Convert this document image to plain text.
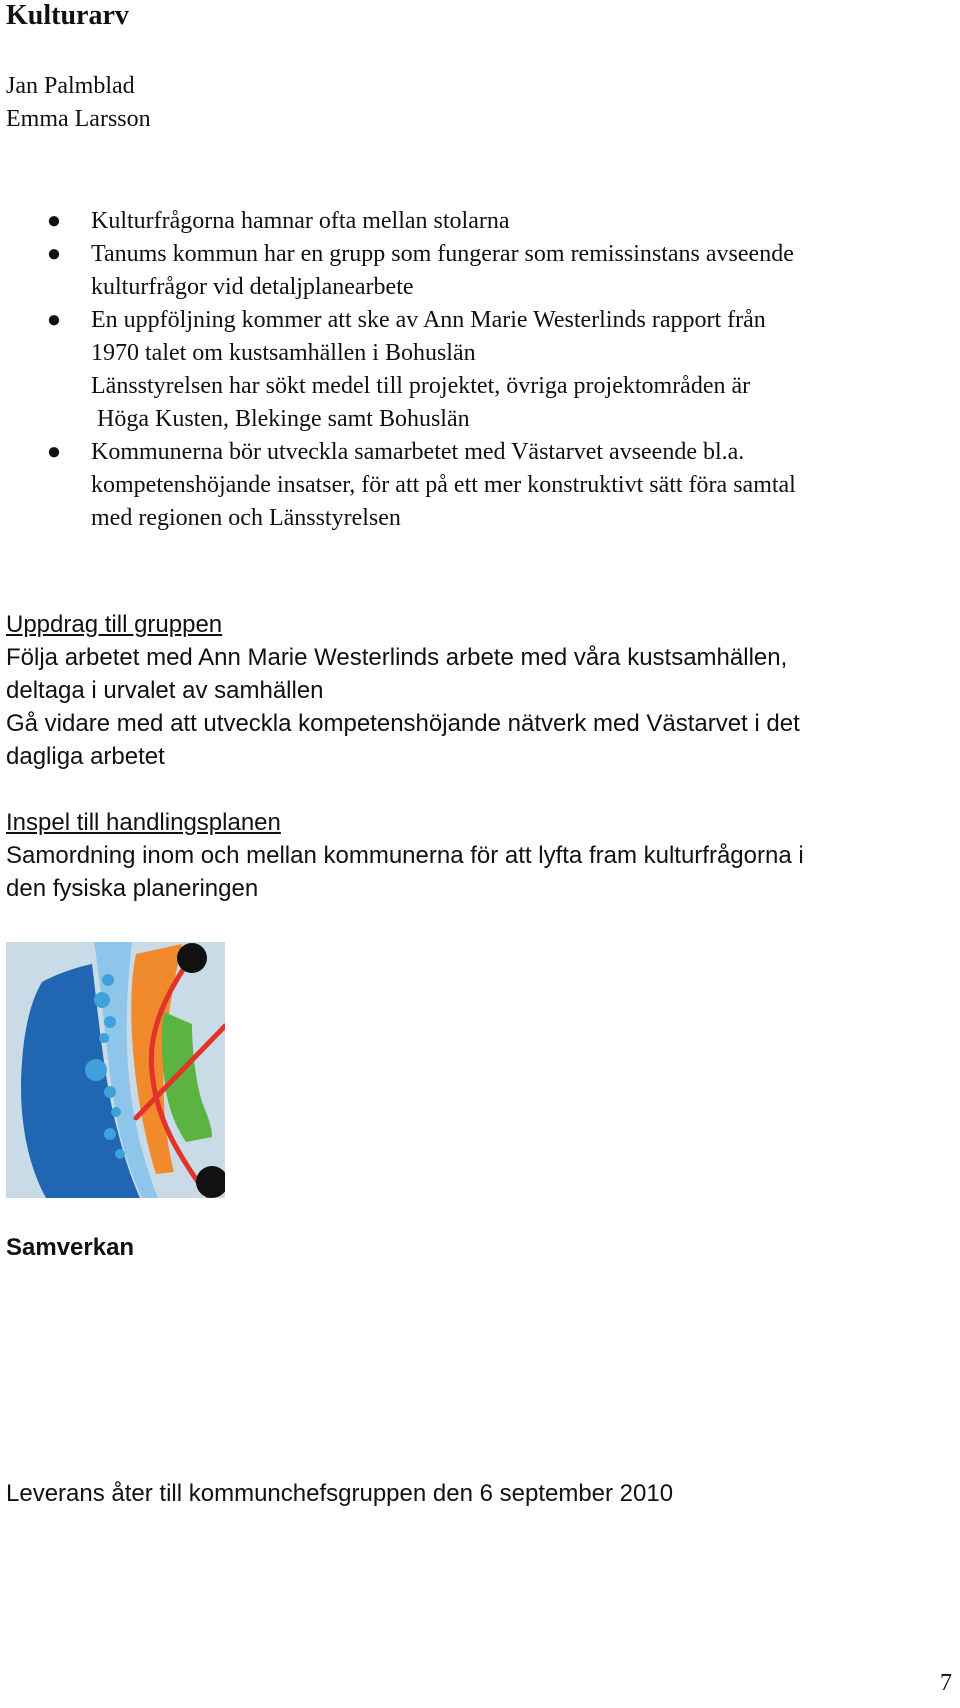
Kulturarv
Jan Palmblad
Emma Larsson
● Kulturfrågorna hamnar ofta mellan stolarna
● Tanums kommun har en grupp som fungerar som remissinstans avseende
kulturfrågor vid detaljplanearbete
● En uppföljning kommer att ske av Ann Marie Westerlinds rapport från
1970 talet om kustsamhällen i Bohuslän
Länsstyrelsen har sökt medel till projektet, övriga projektområden är
Höga Kusten, Blekinge samt Bohuslän
● Kommunerna bör utveckla samarbetet med Västarvet avseende bl.a.
kompetenshöjande insatser, för att på ett mer konstruktivt sätt föra samtal
med regionen och Länsstyrelsen
Uppdrag till gruppen
Följa arbetet med Ann Marie Westerlinds arbete med våra kustsamhällen,
deltaga i urvalet av samhällen
Gå vidare med att utveckla kompetenshöjande nätverk med Västarvet i det
dagliga arbetet
Inspel till handlingsplanen
Samordning inom och mellan kommunerna för att lyfta fram kulturfrågorna i
den fysiska planeringen
Samverkan
Leverans åter till kommunchefsgruppen den 6 september 2010
7
